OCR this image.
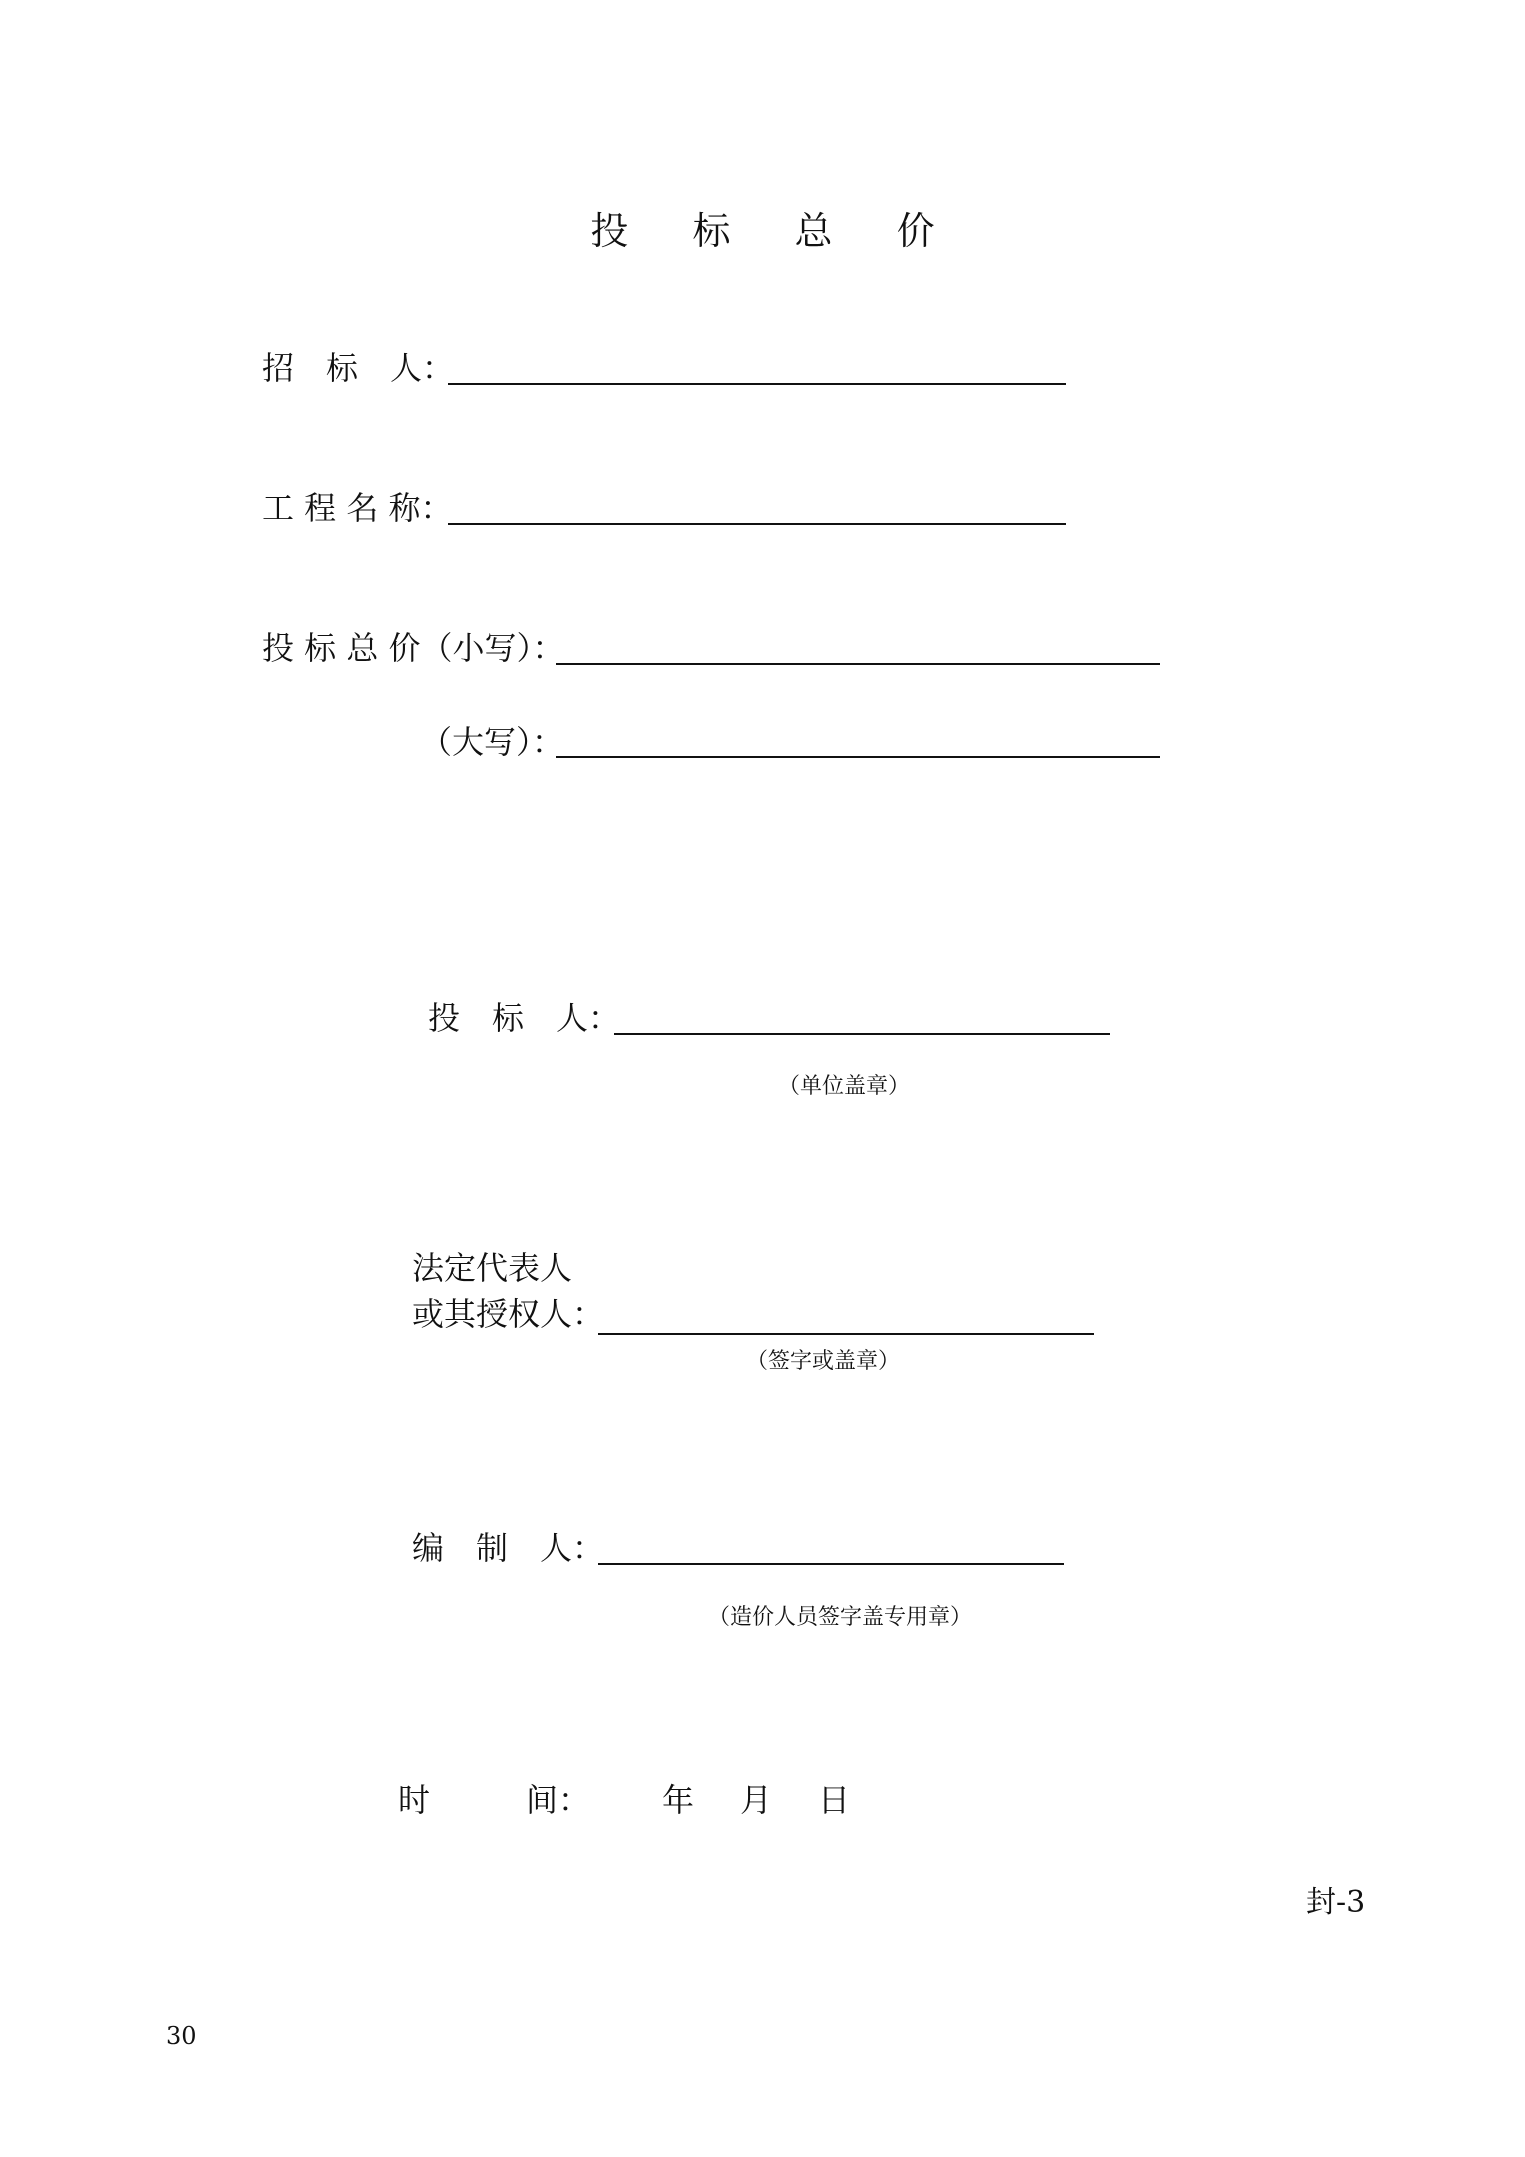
投 标 总 价
招　标　人：
工 程 名 称：
投 标 总 价（小写）：
（大写）：
投　标　人：
（单位盖章）
法定代表人
或其授权人：
（签字或盖章）
编　制　人：
（造价人员签字盖专用章）
时　　　间： 年 月 日
封-3
30
